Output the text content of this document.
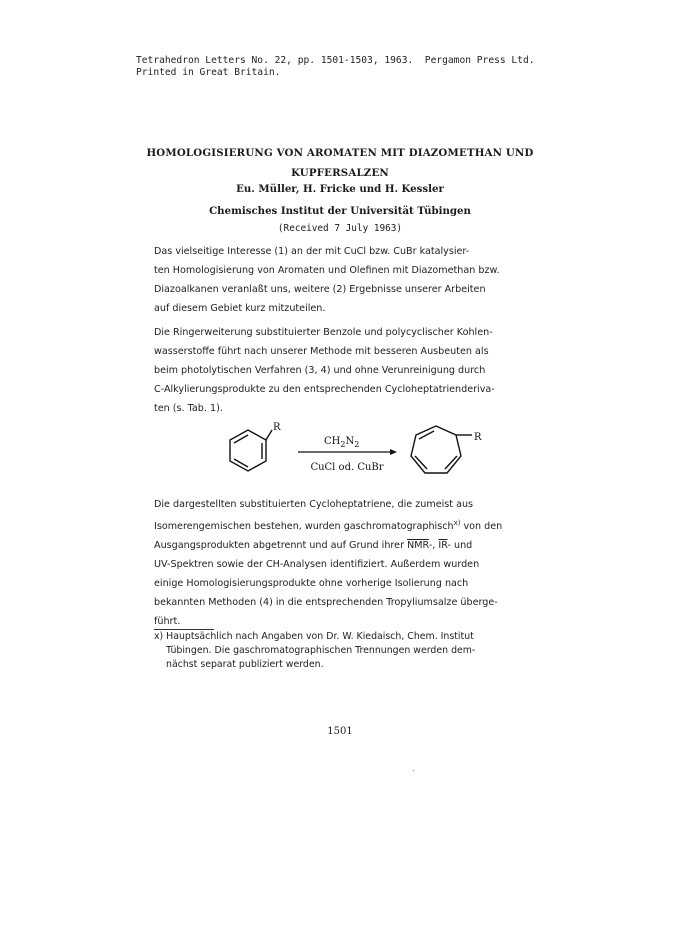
Tetrahedron Letters No. 22, pp. 1501-1503, 1963.  Pergamon Press Ltd.
Printed in Great Britain.
HOMOLOGISIERUNG VON AROMATEN MIT DIAZOMETHAN UND
KUPFERSALZEN
Eu. Müller, H. Fricke und H. Kessler
Chemisches Institut der Universität Tübingen
(Received 7 July 1963)
Das vielseitige Interesse (1) an der mit CuCl bzw. CuBr katalysier-
ten Homologisierung von Aromaten und Olefinen mit Diazomethan bzw.
Diazoalkanen veranlaßt uns, weitere (2) Ergebnisse unserer Arbeiten
auf diesem Gebiet kurz mitzuteilen.
Die Ringerweiterung substituierter Benzole und polycyclischer Kohlen-
wasserstoffe führt nach unserer Methode mit besseren Ausbeuten als
beim photolytischen Verfahren (3, 4) und ohne Verunreinigung durch
C-Alkylierungsprodukte zu den entsprechenden Cycloheptatrienderiva-
ten (s. Tab. 1).
R
$CH_2N_2$
CuCl od. CuBr
R
Die dargestellten substituierten Cycloheptatriene, die zumeist aus
Isomerengemischen bestehen, wurden gaschromatographisch$^{x)}$ von den
Ausgangsprodukten abgetrennt und auf Grund ihrer $\overline{NMR}-$, $\overline{IR}-$ und
UV-Spektren sowie der CH-Analysen identifiziert. Außerdem wurden
einige Homologisierungsprodukte ohne vorherige Isolierung nach
bekannten Methoden (4) in die entsprechenden Tropyliumsalze überge-
führt.
x) Hauptsächlich nach Angaben von Dr. W. Kiedaisch, Chem. Institut
Tübingen. Die gaschromatographischen Trennungen werden dem-
nächst separat publiziert werden.
1501
